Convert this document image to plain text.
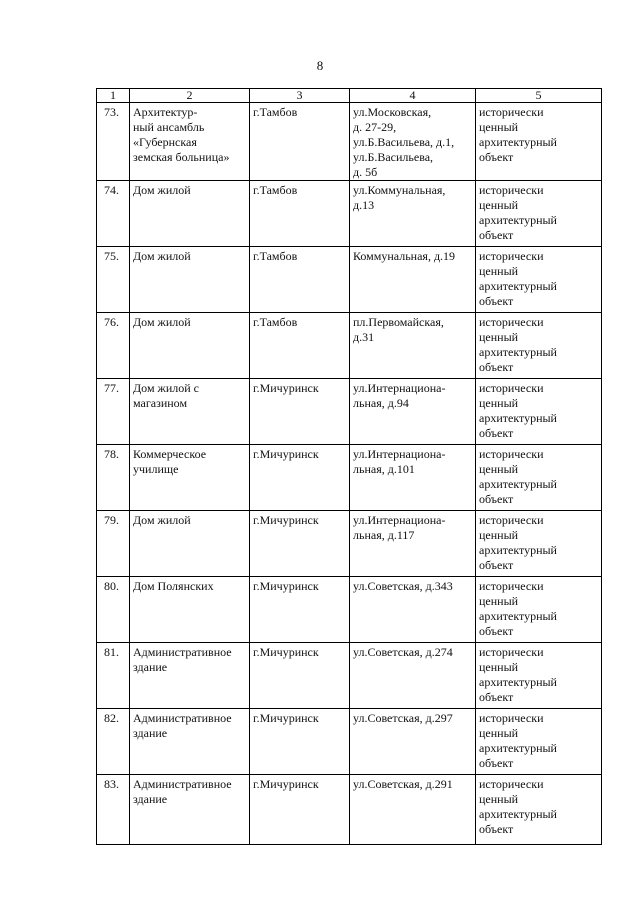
8
1	2	3	4	5
73.	Архитектур-
ный ансамбль
«Губернская
земская больница»	г.Тамбов	ул.Московская,
д. 27-29,
ул.Б.Васильева, д.1,
ул.Б.Васильева,
д. 5б	исторически
ценный
архитектурный
объект
74.	Дом жилой	г.Тамбов	ул.Коммунальная,
д.13	исторически
ценный
архитектурный
объект
75.	Дом жилой	г.Тамбов	Коммунальная, д.19	исторически
ценный
архитектурный
объект
76.	Дом жилой	г.Тамбов	пл.Первомайская,
д.31	исторически
ценный
архитектурный
объект
77.	Дом жилой с
магазином	г.Мичуринск	ул.Интернациона-
льная, д.94	исторически
ценный
архитектурный
объект
78.	Коммерческое
училище	г.Мичуринск	ул.Интернациона-
льная, д.101	исторически
ценный
архитектурный
объект
79.	Дом жилой	г.Мичуринск	ул.Интернациона-
льная, д.117	исторически
ценный
архитектурный
объект
80.	Дом Полянских	г.Мичуринск	ул.Советская, д.343	исторически
ценный
архитектурный
объект
81.	Административное
здание	г.Мичуринск	ул.Советская, д.274	исторически
ценный
архитектурный
объект
82.	Административное
здание	г.Мичуринск	ул.Советская, д.297	исторически
ценный
архитектурный
объект
83.	Административное
здание	г.Мичуринск	ул.Советская, д.291	исторически
ценный
архитектурный
объект
